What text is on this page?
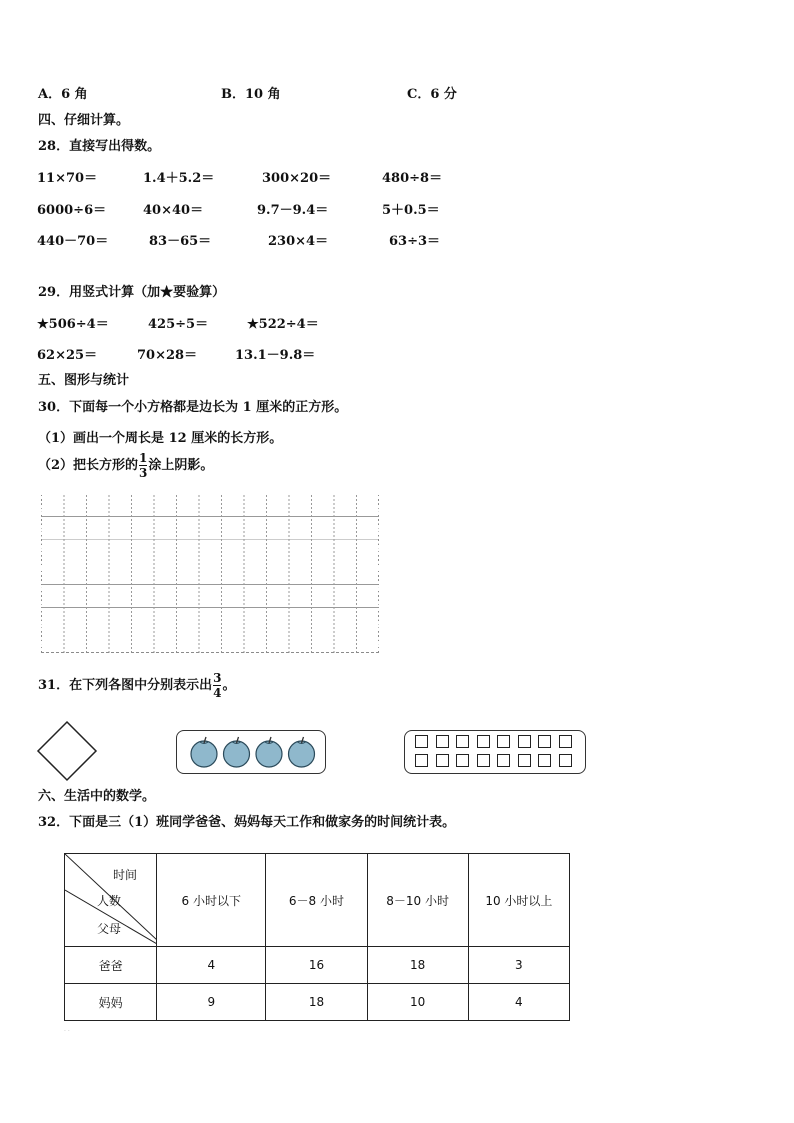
A．6 角	B．10 角	C．6 分
四、仔细计算。
28．直接写出得数。
11×70＝	1.4＋5.2＝	300×20＝	480÷8＝
6000÷6＝	40×40＝	9.7－9.4＝	5＋0.5＝
440－70＝	83－65＝	230×4＝	63÷3＝
29．用竖式计算（加★要验算）
★506÷4＝	425÷5＝	★522÷4＝
62×25＝	70×28＝	13.1－9.8＝
五、图形与统计
30．下面每一个小方格都是边长为 1 厘米的正方形。
（1）画出一个周长是 12 厘米的长方形。
（2）把长方形的 $\frac{1}{3}$ 涂上阴影。
31．在下列各图中分别表示出 $\frac{3}{4}$ 。
六、生活中的数学。
32．下面是三（1）班同学爸爸、妈妈每天工作和做家务的时间统计表。
时间
人数
父母	6 小时以下	6－8 小时	8－10 小时	10 小时以上
爸爸	4	16	18	3
妈妈	9	18	10	4
· ·
